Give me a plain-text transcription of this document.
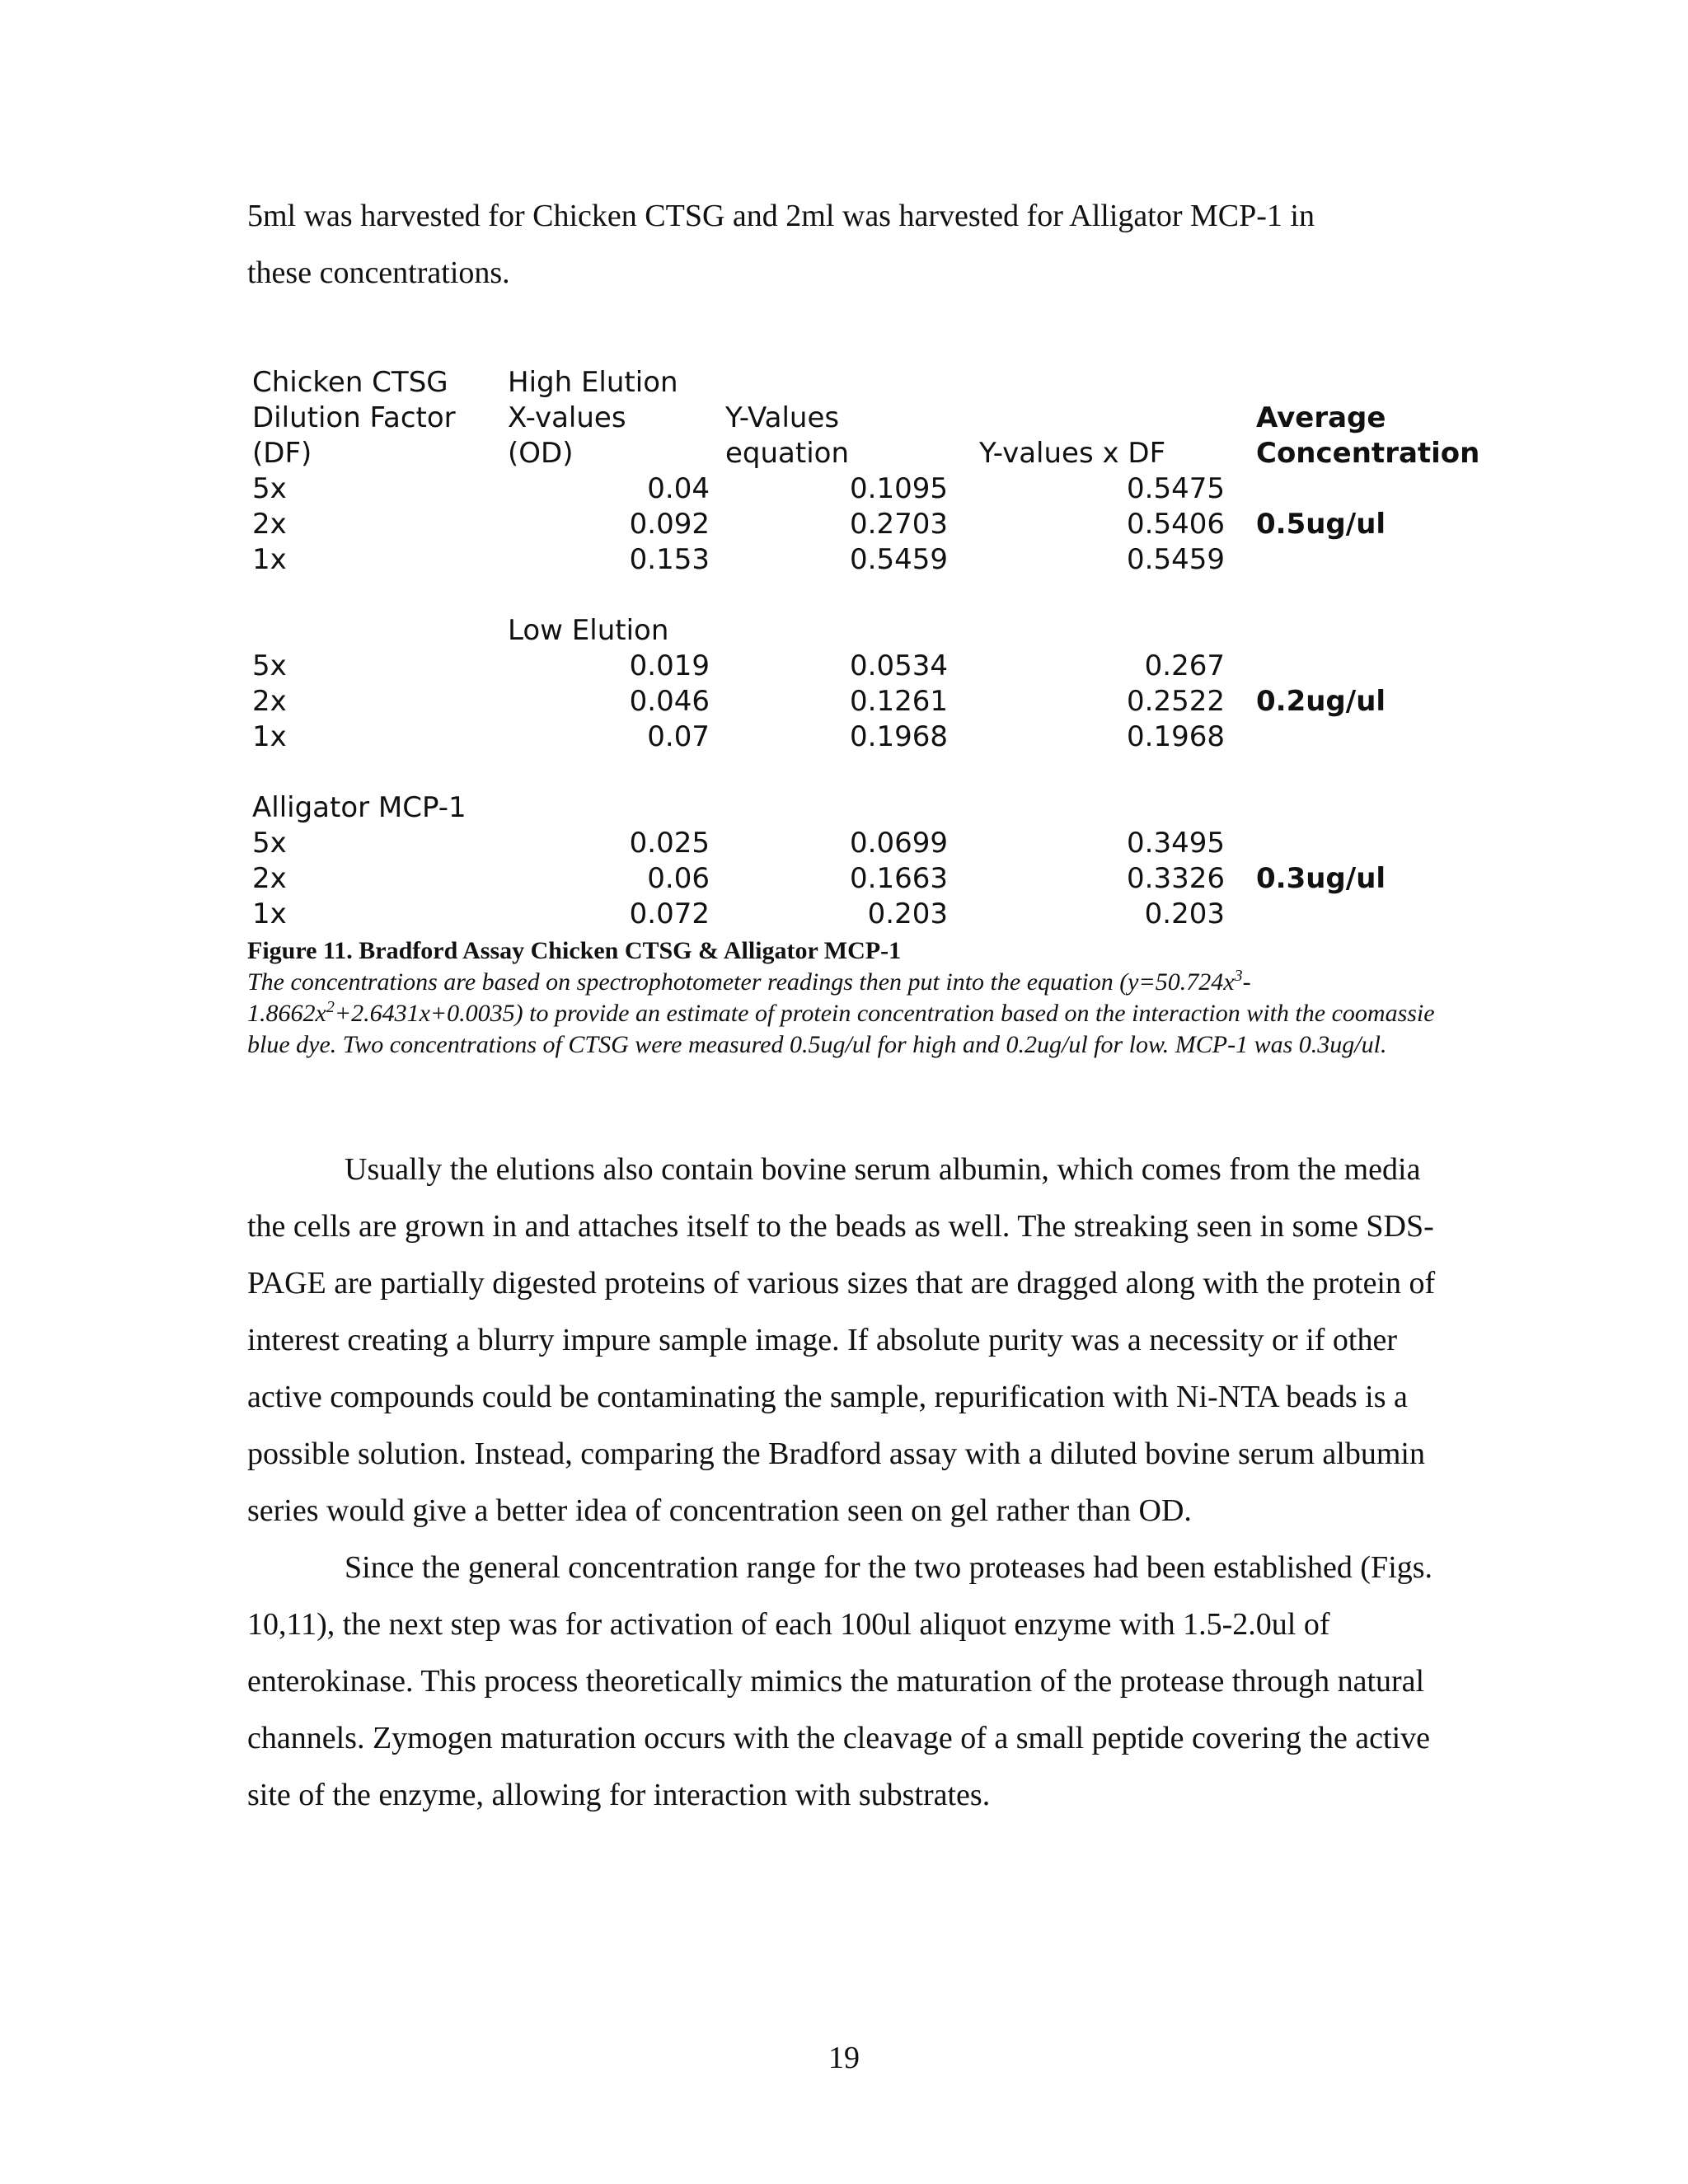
5ml was harvested for Chicken CTSG and 2ml was harvested for Alligator MCP-1 in

these concentrations.

Chicken CTSG	High Elution			
Dilution Factor	X-values	Y-Values		Average
(DF)	(OD)	equation	Y-values x DF	Concentration
5x	0.04	0.1095	0.5475	
2x	0.092	0.2703	0.5406	0.5ug/ul
1x	0.153	0.5459	0.5459	

	Low Elution			
5x	0.019	0.0534	0.267	
2x	0.046	0.1261	0.2522	0.2ug/ul
1x	0.07	0.1968	0.1968	

Alligator MCP-1				
5x	0.025	0.0699	0.3495	
2x	0.06	0.1663	0.3326	0.3ug/ul
1x	0.072	0.203	0.203	
Figure 11. Bradford Assay Chicken CTSG & Alligator MCP-1
The concentrations are based on spectrophotometer readings then put into the equation $(y=50.724x^3-1.8662x^2+2.6431x+0.0035)$ to provide an estimate of protein concentration based on the interaction with the coomassie blue dye. Two concentrations of CTSG were measured 0.5ug/ul for high and 0.2ug/ul for low. MCP-1 was 0.3ug/ul.

Usually the elutions also contain bovine serum albumin, which comes from the media the cells are grown in and attaches itself to the beads as well. The streaking seen in some SDS-PAGE are partially digested proteins of various sizes that are dragged along with the protein of interest creating a blurry impure sample image. If absolute purity was a necessity or if other active compounds could be contaminating the sample, repurification with Ni-NTA beads is a possible solution. Instead, comparing the Bradford assay with a diluted bovine serum albumin series would give a better idea of concentration seen on gel rather than OD.

Since the general concentration range for the two proteases had been established (Figs. 10,11), the next step was for activation of each 100ul aliquot enzyme with 1.5-2.0ul of enterokinase. This process theoretically mimics the maturation of the protease through natural channels. Zymogen maturation occurs with the cleavage of a small peptide covering the active site of the enzyme, allowing for interaction with substrates.

19
